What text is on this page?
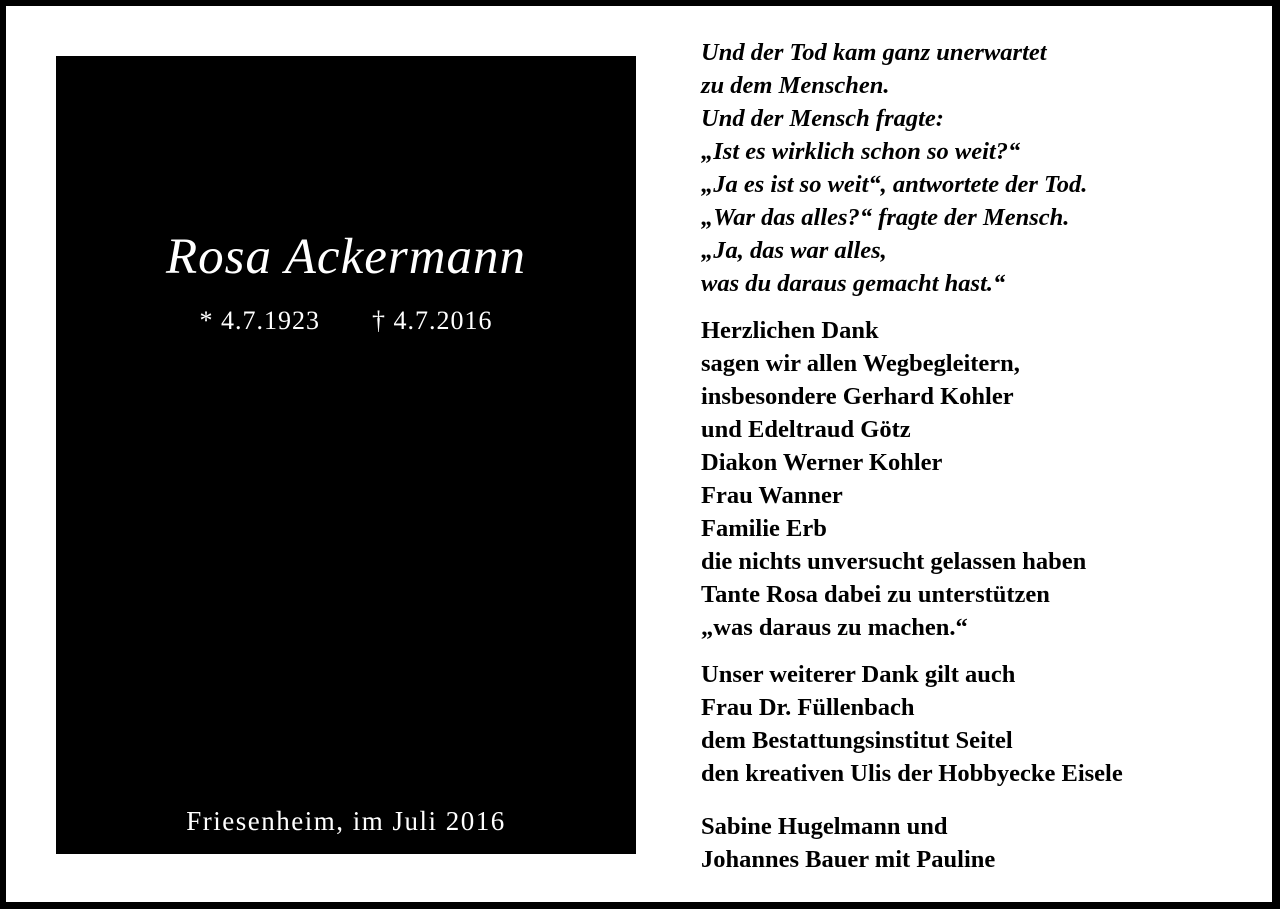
Rosa Ackermann
* 4.7.1923 † 4.7.2016
Friesenheim, im Juli 2016
Und der Tod kam ganz unerwartet
zu dem Menschen.
Und der Mensch fragte:
„Ist es wirklich schon so weit?“
„Ja es ist so weit“, antwortete der Tod.
„War das alles?“ fragte der Mensch.
„Ja, das war alles,
was du daraus gemacht hast.“
Herzlichen Dank
sagen wir allen Wegbegleitern,
insbesondere Gerhard Kohler
und Edeltraud Götz
Diakon Werner Kohler
Frau Wanner
Familie Erb
die nichts unversucht gelassen haben
Tante Rosa dabei zu unterstützen
„was daraus zu machen.“
Unser weiterer Dank gilt auch
Frau Dr. Füllenbach
dem Bestattungsinstitut Seitel
den kreativen Ulis der Hobbyecke Eisele
Sabine Hugelmann und
Johannes Bauer mit Pauline
